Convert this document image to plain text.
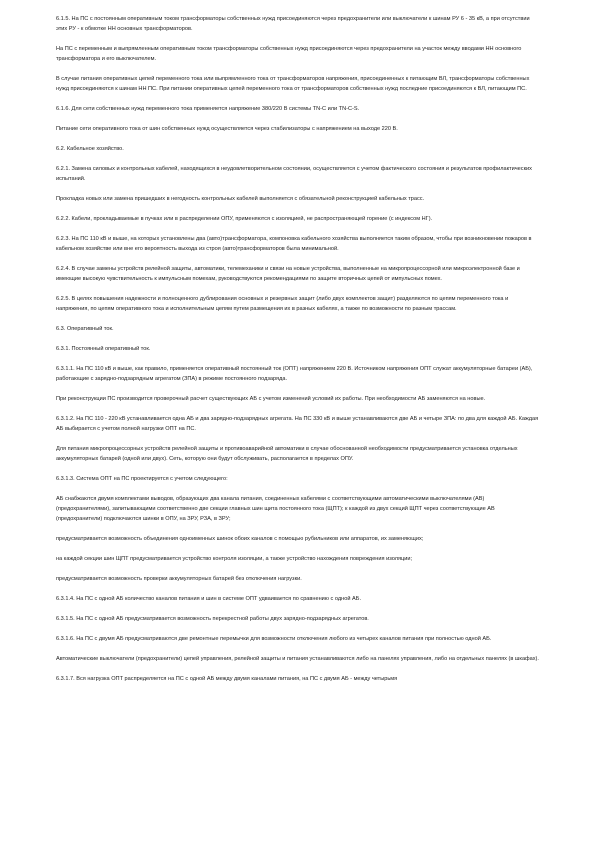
6.1.5. На ПС с постоянным оперативным током трансформаторы собственных нужд присоединяются через предохранители или выключатели к шинам РУ 6 - 35 кВ, а при отсутствии этих РУ - к обмотке НН основных трансформаторов.

На ПС с переменным и выпрямленным оперативным током трансформаторы собственных нужд присоединяются через предохранители на участок между вводами НН основного трансформатора и его выключателем.

В случае питания оперативных цепей переменного тока или выпрямленного тока от трансформаторов напряжения, присоединенных к питающим ВЛ, трансформаторы собственных нужд присоединяются к шинам НН ПС. При питании оперативных цепей переменного тока от трансформаторов собственных нужд последние присоединяются к ВЛ, питающим ПС.

6.1.6. Для сети собственных нужд переменного тока применяется напряжение 380/220 В системы TN-C или TN-C-S.

Питание сети оперативного тока от шин собственных нужд осуществляется через стабилизаторы с напряжением на выходе 220 В.

6.2. Кабельное хозяйство.

6.2.1. Замена силовых и контрольных кабелей, находящихся в неудовлетворительном состоянии, осуществляется с учетом фактического состояния и результатов профилактических испытаний.

Прокладка новых или замена пришедших в негодность контрольных кабелей выполняется с обязательной реконструкцией кабельных трасс.

6.2.2. Кабели, прокладываемые в пучках или в распределении ОПУ, применяются с изоляцией, не распространяющей горение (с индексом НГ).

6.2.3. На ПС 110 кВ и выше, на которых установлены два (авто)трансформатора, компоновка кабельного хозяйства выполняется таким образом, чтобы при возникновении пожаров в кабельном хозяйстве или вне его вероятность выхода из строя (авто)трансформаторов была минимальной.

6.2.4. В случае замены устройств релейной защиты, автоматики, телемеханики и связи на новые устройства, выполненные на микропроцессорной или микроэлектронной базе и имеющие высокую чувствительность к импульсным помехам, руководствуются рекомендациями по защите вторичных цепей от импульсных помех.

6.2.5. В целях повышения надежности и полноценного дублирования основных и резервных защит (либо двух комплектов защит) разделяются по цепям переменного тока и напряжения, по цепям оперативного тока и исполнительным цепям путем размещения их в разных кабелях, а также по возможности по разным трассам.

6.3. Оперативный ток.

6.3.1. Постоянный оперативный ток.

6.3.1.1. На ПС 110 кВ и выше, как правило, применяется оперативный постоянный ток (ОПТ) напряжением 220 В. Источником напряжения ОПТ служат аккумуляторные батареи (АБ), работающие с зарядно-подзарядным агрегатом (ЗПА) в режиме постоянного подзаряда.

При реконструкции ПС производится проверочный расчет существующих АБ с учетом изменений условий их работы. При необходимости АБ заменяются на новые.

6.3.1.2. На ПС 110 - 220 кВ устанавливается одна АБ и два зарядно-подзарядных агрегата. На ПС 330 кВ и выше устанавливаются две АБ и четыре ЗПА: по два для каждой АБ. Каждая АБ выбирается с учетом полной нагрузки ОПТ на ПС.

Для питания микропроцессорных устройств релейной защиты и противоаварийной автоматики в случае обоснованной необходимости предусматривается установка отдельных аккумуляторных батарей (одной или двух). Сеть, которую они будут обслуживать, располагается в пределах ОПУ.

6.3.1.3. Система ОПТ на ПС проектируется с учетом следующего:

АБ снабжаются двумя комплектами выводов, образующих два канала питания, соединенных кабелями с соответствующими автоматическими выключателями (АВ) (предохранителями), запитывающими соответственно две секции главных шин щита постоянного тока (ЩПТ); к каждой из двух секций ЩПТ через соответствующие АВ (предохранители) подключаются шинки в ОПУ, на ЗРУ, РЗА, в ЗРУ;

предусматривается возможность объединения одноименных шинок обоих каналов с помощью рубильников или аппаратов, их заменяющих;

на каждой секции шин ЩПТ предусматривается устройство контроля изоляции, а также устройство нахождения повреждения изоляции;

предусматривается возможность проверки аккумуляторных батарей без отключения нагрузки.

6.3.1.4. На ПС с одной АБ количество каналов питания и шин в системе ОПТ удваивается по сравнению с одной АБ.

6.3.1.5. На ПС с одной АБ предусматривается возможность перекрестной работы двух зарядно-подзарядных агрегатов.

6.3.1.6. На ПС с двумя АБ предусматриваются две ремонтные перемычки для возможности отключения любого из четырех каналов питания при полностью одной АБ.

Автоматические выключатели (предохранители) цепей управления, релейной защиты и питания устанавливаются либо на панелях управления, либо на отдельных панелях (в шкафах).

6.3.1.7. Вся нагрузка ОПТ распределяется на ПС с одной АБ между двумя каналами питания, на ПС с двумя АБ - между четырьмя
